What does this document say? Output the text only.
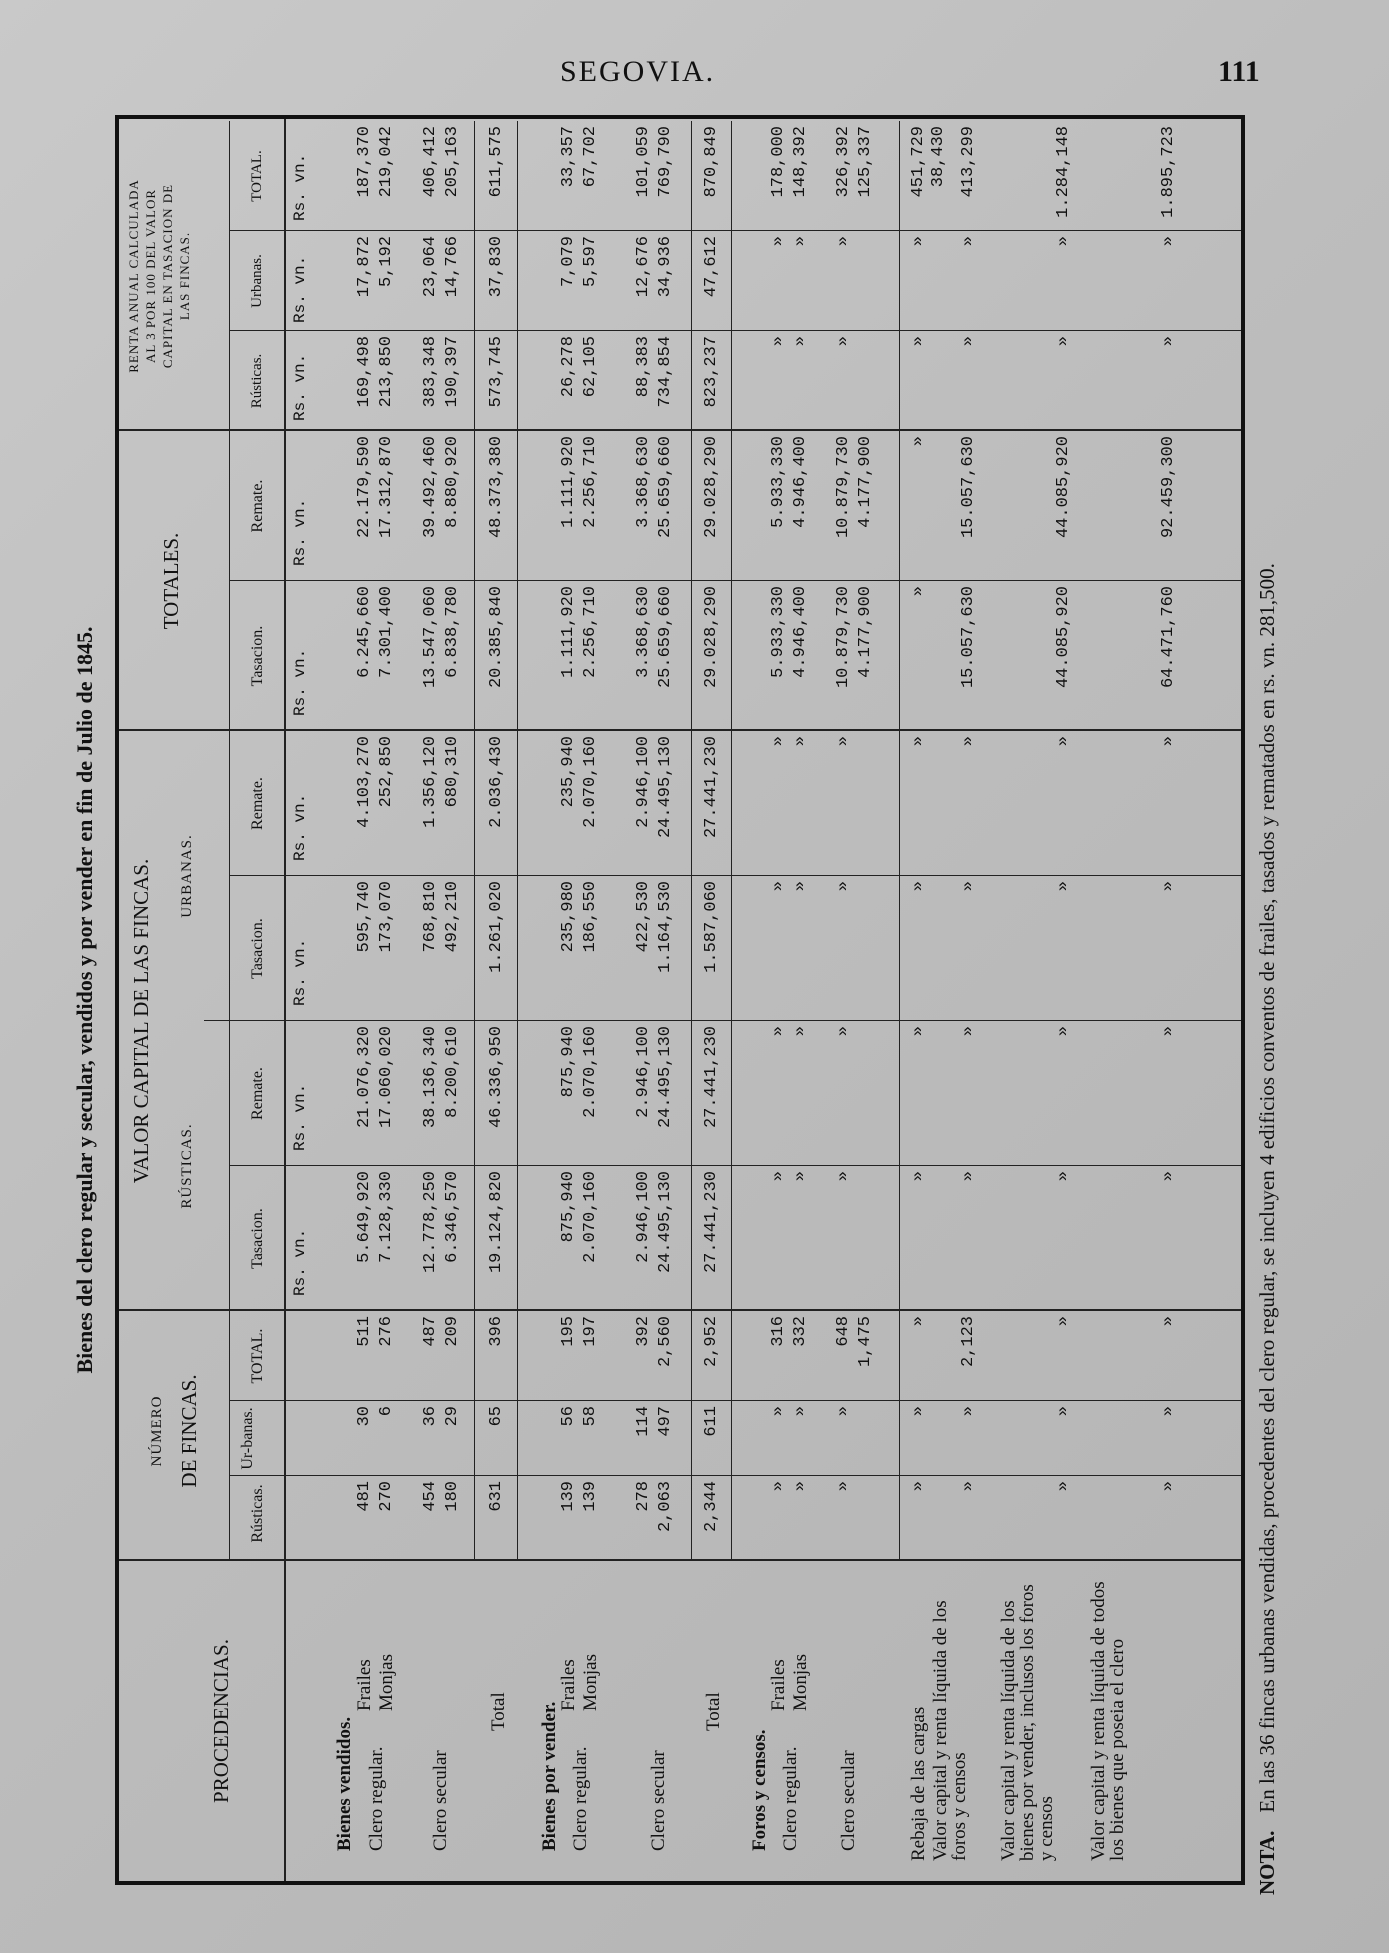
SEGOVIA.	111
Bienes del clero regular y secular, vendidos y por vender en fin de Julio de 1845.
PROCEDENCIAS.
NÚMERO DE FINCAS.
Rústicas.
Ur-banas.
TOTAL.
VALOR CAPITAL DE LAS FINCAS. RÚSTICAS.
URBANAS.
Tasacion.
Remate.
Tasacion.
Remate.
TOTALES.
Tasacion.
Remate.
RENTA ANUAL CALCULADA AL 3 POR 100 DEL VALOR CAPITAL EN TASACION DE LAS FINCAS.
Rústicas.
Urbanas.
TOTAL.
Rs. vn.
Rs. vn.
Rs. vn.
Rs. vn.
Rs. vn.
Rs. vn.
Rs. vn.
Rs. vn.
Rs. vn.
Bienes vendidos. Clero regular.
Frailes Monjas
Clero secular
Total Bienes por vender. Clero regular.
Frailes Monjas
Clero secular
Total
Foros y censos. Clero regular.
Frailes Monjas
Clero secular	Rebaja de las cargas Valor capital y renta líquida de los foros y censos Valor capital y renta líquida de los bienes por vender, inclusos los foros y censos Valor capital y renta líquida de todos los bienes que poseia el clero
481
30
511
5.649,920
21.076,320
595,740
4.103,270
6.245,660
22.179,590
169,498
17,872
187,370
270
6
276
7.128,330
17.060,020
173,070
252,850
7.301,400
17.312,870
213,850
5,192
219,042
454
36
487
12.778,250
38.136,340
768,810
1.356,120
13.547,060
39.492,460
383,348
23,064
406,412
180
29
209
6.346,570
8.200,610
492,210
680,310
6.838,780
8.880,920
190,397
14,766
205,163
631
65
396
19.124,820
46.336,950
1.261,020
2.036,430
20.385,840
48.373,380
573,745
37,830
611,575
139
56
195
875,940
875,940
235,980
235,940
1.111,920
1.111,920
26,278
7,079
33,357
139
58
197
2.070,160
2.070,160
186,550
2.070,160
2.256,710
2.256,710
62,105
5,597
67,702
278
114
392
2.946,100
2.946,100
422,530
2.946,100
3.368,630
3.368,630
88,383
12,676
101,059
2,063
497
2,560
24.495,130
24.495,130
1.164,530
24.495,130
25.659,660
25.659,660
734,854
34,936
769,790
2,344
611
2,952
27.441,230
27.441,230
1.587,060
27.441,230
29.028,290
29.028,290
823,237
47,612
870,849
»
»
316
»
»
»
»
5.933,330
5.933,330
»
»
178,000
»
»
332
»
»
»
»
4.946,400
4.946,400
»
»
148,392
»
»
648
»
»
»
»
10.879,730
10.879,730
»
»
326,392
1,475
4.177,900
4.177,900
125,337
»
»
»
»
»
»
»
»
»
»
»
451,729 38,430
»
»
2,123
»
»
»
»
15.057,630
15.057,630
»
»
413,299
»
»
»
»
»
»
»
44.085,920
44.085,920
»
»
1.284,148
»
»
»
»
»
»
»
64.471,760
92.459,300
»
»
1.895,723
NOTA.En las 36 fincas urbanas vendidas, procedentes del clero regular, se incluyen 4 edificios conventos de frailes, tasados y rematados en rs. vn. 281,500.
